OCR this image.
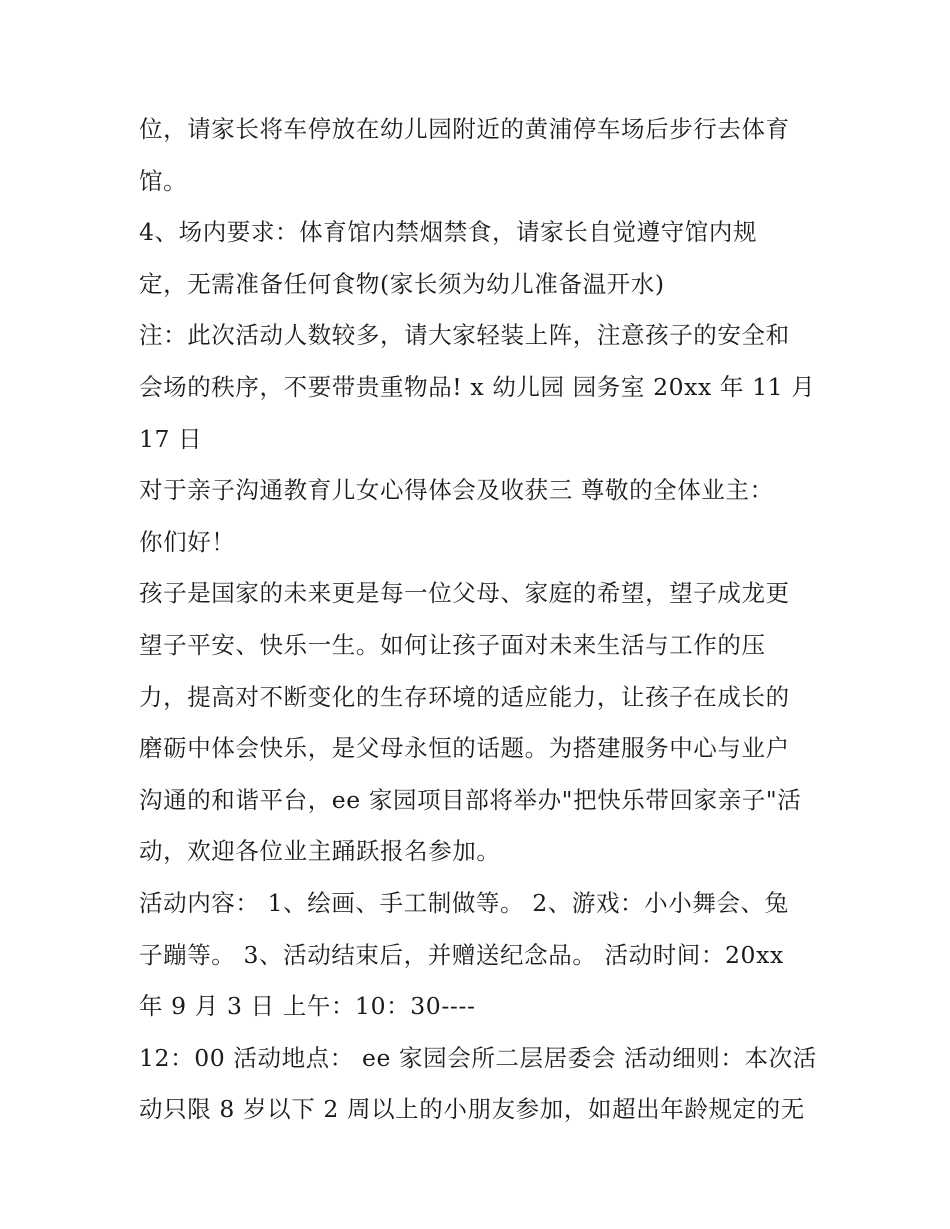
位，请家长将车停放在幼儿园附近的黄浦停车场后步行去体育
馆。
4、场内要求：体育馆内禁烟禁食，请家长自觉遵守馆内规
定，无需准备任何食物(家长须为幼儿准备温开水)
注：此次活动人数较多，请大家轻装上阵，注意孩子的安全和
会场的秩序，不要带贵重物品! x 幼儿园 园务室 20xx 年 11 月
17 日
对于亲子沟通教育儿女心得体会及收获三 尊敬的全体业主：
你们好！
孩子是国家的未来更是每一位父母、家庭的希望，望子成龙更
望子平安、快乐一生。如何让孩子面对未来生活与工作的压
力，提高对不断变化的生存环境的适应能力，让孩子在成长的
磨砺中体会快乐，是父母永恒的话题。为搭建服务中心与业户
沟通的和谐平台，ee 家园项目部将举办"把快乐带回家亲子"活
动，欢迎各位业主踊跃报名参加。
活动内容： 1、绘画、手工制做等。 2、游戏：小小舞会、兔
子蹦等。 3、活动结束后，并赠送纪念品。 活动时间：20xx
年 9 月 3 日 上午：10：30----
12：00 活动地点： ee 家园会所二层居委会 活动细则：本次活
动只限 8 岁以下 2 周以上的小朋友参加，如超出年龄规定的无
